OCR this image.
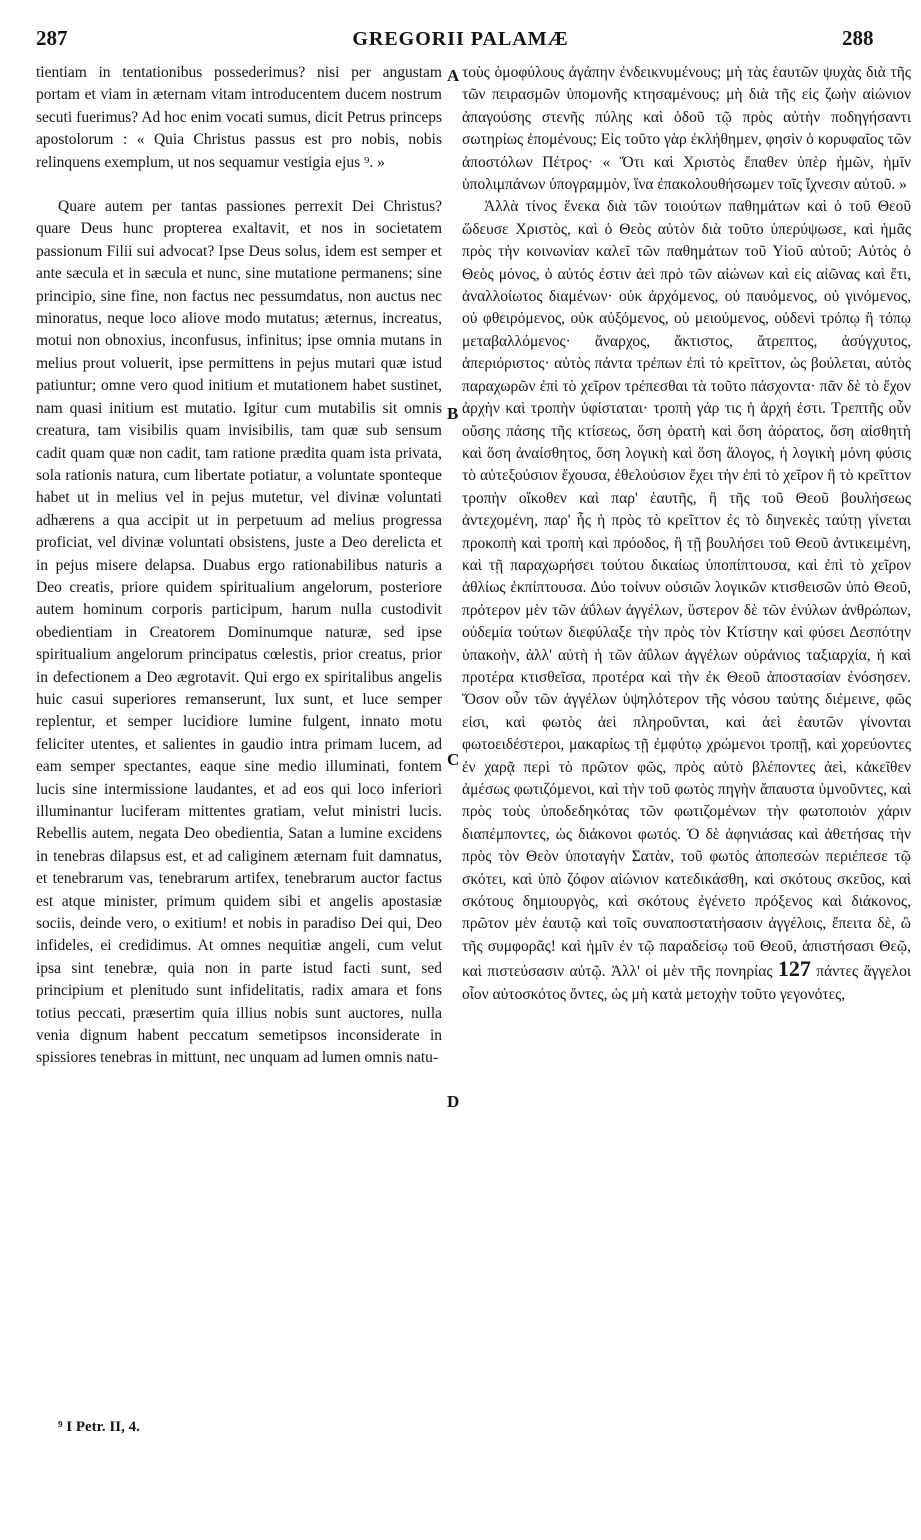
287	GREGORII PALAMÆ	288
A
B
C
D

tientiam in tentationibus possederimus? nisi per angustam portam et viam in æternam vitam introducentem ducem nostrum secuti fuerimus? Ad hoc enim vocati sumus, dicit Petrus princeps apostolorum : « Quia Christus passus est pro nobis, nobis relinquens exemplum, ut nos sequamur vestigia ejus ⁹. »

Quare autem per tantas passiones perrexit Dei Christus? quare Deus hunc propterea exaltavit, et nos in societatem passionum Filii sui advocat? Ipse Deus solus, idem est semper et ante sæcula et in sæcula et nunc, sine mutatione permanens; sine principio, sine fine, non factus nec pessumdatus, non auctus nec minoratus, neque loco aliove modo mutatus; æternus, increatus, motui non obnoxius, inconfusus, infinitus; ipse omnia mutans in melius prout voluerit, ipse permittens in pejus mutari quæ istud patiuntur; omne vero quod initium et mutationem habet sustinet, nam quasi initium est mutatio. Igitur cum mutabilis sit omnis creatura, tam visibilis quam invisibilis, tam quæ sub sensum cadit quam quæ non cadit, tam ratione prædita quam ista privata, sola rationis natura, cum libertate potiatur, a voluntate sponteque habet ut in melius vel in pejus mutetur, vel divinæ voluntati adhærens a qua accipit ut in perpetuum ad melius progressa proficiat, vel divinæ voluntati obsistens, juste a Deo derelicta et in pejus misere delapsa. Duabus ergo rationabilibus naturis a Deo creatis, priore quidem spiritualium angelorum, posteriore autem hominum corporis participum, harum nulla custodivit obedientiam in Creatorem Dominumque naturæ, sed ipse spiritualium angelorum principatus cœlestis, prior creatus, prior in defectionem a Deo ægrotavit. Qui ergo ex spiritalibus angelis huic casui superiores remanserunt, lux sunt, et luce semper replentur, et semper lucidiore lumine fulgent, innato motu feliciter utentes, et salientes in gaudio intra primam lucem, ad eam semper spectantes, eaque sine medio illuminati, fontem lucis sine intermissione laudantes, et ad eos qui loco inferiori illuminantur luciferam mittentes gratiam, velut ministri lucis. Rebellis autem, negata Deo obedientia, Satan a lumine excidens in tenebras dilapsus est, et ad caliginem æternam fuit damnatus, et tenebrarum vas, tenebrarum artifex, tenebrarum auctor factus est atque minister, primum quidem sibi et angelis apostasiæ sociis, deinde vero, o exitium! et nobis in paradiso Dei qui, Deo infideles, ei credidimus. At omnes nequitiæ angeli, cum velut ipsa sint tenebræ, quia non in parte istud facti sunt, sed principium et plenitudo sunt infidelitatis, radix amara et fons totius peccati, præsertim quia illius nobis sunt auctores, nulla venia dignum habent peccatum semetipsos inconsiderate in spissiores tenebras in mittunt, nec unquam ad lumen omnis natu-

τοὺς ὁμοφύλους ἀγάπην ἐνδεικνυμένους; μὴ τὰς ἑαυτῶν ψυχὰς διὰ τῆς τῶν πειρασμῶν ὑπομονῆς κτησαμένους; μὴ διὰ τῆς εἰς ζωὴν αἰώνιον ἀπαγούσης στενῆς πύλης καὶ ὁδοῦ τῷ πρὸς αὐτὴν ποδηγήσαντι σωτηρίως ἑπομένους; Εἰς τοῦτο γὰρ ἐκλήθημεν, φησὶν ὁ κορυφαῖος τῶν ἀποστόλων Πέτρος· « Ὅτι καὶ Χριστὸς ἔπαθεν ὑπὲρ ἡμῶν, ἡμῖν ὑπολιμπάνων ὑπογραμμὸν, ἵνα ἐπακολουθήσωμεν τοῖς ἴχνεσιν αὐτοῦ. »

Ἀλλὰ τίνος ἕνεκα διὰ τῶν τοιούτων παθημάτων καὶ ὁ τοῦ Θεοῦ ὥδευσε Χριστὸς, καὶ ὁ Θεὸς αὐτὸν διὰ τοῦτο ὑπερύψωσε, καὶ ἡμᾶς πρὸς τὴν κοινωνίαν καλεῖ τῶν παθημάτων τοῦ Υἱοῦ αὐτοῦ; Αὐτὸς ὁ Θεὸς μόνος, ὁ αὐτός ἐστιν ἀεὶ πρὸ τῶν αἰώνων καὶ εἰς αἰῶνας καὶ ἔτι, ἀναλλοίωτος διαμένων· οὐκ ἀρχόμενος, οὐ παυόμενος, οὐ γινόμενος, οὐ φθειρόμενος, οὐκ αὐξόμενος, οὐ μειούμενος, οὐδενὶ τρόπῳ ἢ τόπῳ μεταβαλλόμενος· ἄναρχος, ἄκτιστος, ἄτρεπτος, ἀσύγχυτος, ἀπεριόριστος· αὐτὸς πάντα τρέπων ἐπὶ τὸ κρεῖττον, ὡς βούλεται, αὐτὸς παραχωρῶν ἐπὶ τὸ χεῖρον τρέπεσθαι τὰ τοῦτο πάσχοντα· πᾶν δὲ τὸ ἔχον ἀρχὴν καὶ τροπὴν ὑφίσταται· τροπὴ γάρ τις ἡ ἀρχή ἐστι. Τρεπτῆς οὖν οὔσης πάσης τῆς κτίσεως, ὅση ὁρατὴ καὶ ὅση ἀόρατος, ὅση αἰσθητὴ καὶ ὅση ἀναίσθητος, ὅση λογικὴ καὶ ὅση ἄλογος, ἡ λογικὴ μόνη φύσις τὸ αὐτεξούσιον ἔχουσα, ἐθελούσιον ἔχει τὴν ἐπὶ τὸ χεῖρον ἢ τὸ κρεῖττον τροπὴν οἴκοθεν καὶ παρ' ἑαυτῆς, ἢ τῆς τοῦ Θεοῦ βουλήσεως ἀντεχομένη, παρ' ἧς ἡ πρὸς τὸ κρεῖττον ἐς τὸ διηνεκὲς ταύτῃ γίνεται προκοπὴ καὶ τροπὴ καὶ πρόοδος, ἢ τῇ βουλήσει τοῦ Θεοῦ ἀντικειμένη, καὶ τῇ παραχωρήσει τούτου δικαίως ὑποπίπτουσα, καὶ ἐπὶ τὸ χεῖρον ἀθλίως ἐκπίπτουσα. Δύο τοίνυν οὐσιῶν λογικῶν κτισθεισῶν ὑπὸ Θεοῦ, πρότερον μὲν τῶν ἀΰλων ἀγγέλων, ὕστερον δὲ τῶν ἐνύλων ἀνθρώπων, οὐδεμία τούτων διεφύλαξε τὴν πρὸς τὸν Κτίστην καὶ φύσει Δεσπότην ὑπακοὴν, ἀλλ' αὐτὴ ἡ τῶν ἀΰλων ἀγγέλων οὐράνιος ταξιαρχία, ἡ καὶ προτέρα κτισθεῖσα, προτέρα καὶ τὴν ἐκ Θεοῦ ἀποστασίαν ἐνόσησεν. Ὅσον οὖν τῶν ἀγγέλων ὑψηλότερον τῆς νόσου ταύτης διέμεινε, φῶς εἰσι, καὶ φωτὸς ἀεὶ πληροῦνται, καὶ ἀεὶ ἑαυτῶν γίνονται φωτοειδέστεροι, μακαρίως τῇ ἐμφύτῳ χρώμενοι τροπῇ, καὶ χορεύοντες ἐν χαρᾷ περὶ τὸ πρῶτον φῶς, πρὸς αὐτὸ βλέποντες ἀεὶ, κἀκεῖθεν ἀμέσως φωτιζόμενοι, καὶ τὴν τοῦ φωτὸς πηγὴν ἄπαυστα ὑμνοῦντες, καὶ πρὸς τοὺς ὑποδεδηκότας τῶν φωτιζομένων τὴν φωτοποιὸν χάριν διαπέμποντες, ὡς διάκονοι φωτός. Ὁ δὲ ἀφηνιάσας καὶ ἀθετήσας τὴν πρὸς τὸν Θεὸν ὑποταγὴν Σατὰν, τοῦ φωτὸς ἀποπεσὼν περιέπεσε τῷ σκότει, καὶ ὑπὸ ζόφον αἰώνιον κατεδικάσθη, καὶ σκότους σκεῦος, καὶ σκότους δημιουργὸς, καὶ σκότους ἐγένετο πρόξενος καὶ διάκονος, πρῶτον μὲν ἑαυτῷ καὶ τοῖς συναποστατήσασιν ἀγγέλοις, ἔπειτα δὲ, ὢ τῆς συμφορᾶς! καὶ ἡμῖν ἐν τῷ παραδείσῳ τοῦ Θεοῦ, ἀπιστήσασι Θεῷ, καὶ πιστεύσασιν αὐτῷ. Ἀλλ' οἱ μὲν τῆς πονηρίας 127 πάντες ἄγγελοι οἷον αὐτοσκότος ὄντες, ὡς μὴ κατὰ μετοχὴν τοῦτο γεγονότες,

⁹ I Petr. II, 4.
